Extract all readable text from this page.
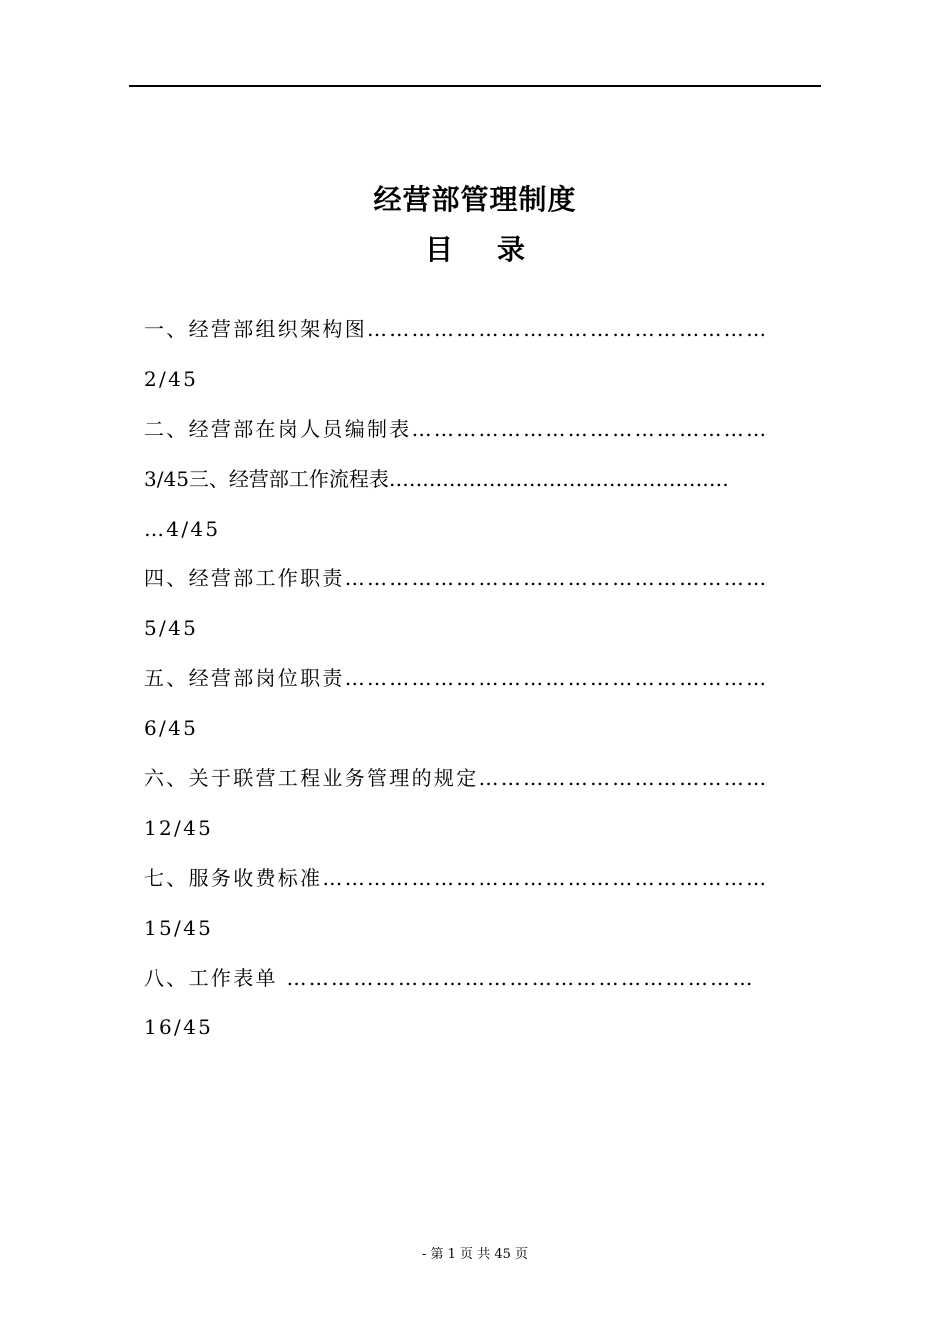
经营部管理制度
目 录
一、经营部组织架构图………………………………………………
2/45
二、经营部在岗人员编制表…………………………………………
3/45三、经营部工作流程表……………………………………………
…4/45
四、经营部工作职责…………………………………………………
5/45
五、经营部岗位职责…………………………………………………
6/45
六、关于联营工程业务管理的规定…………………………………
12/45
七、服务收费标准……………………………………………………
15/45
八、工作表单 ………………………………………………………
16/45
- 第 1 页 共 45 页
